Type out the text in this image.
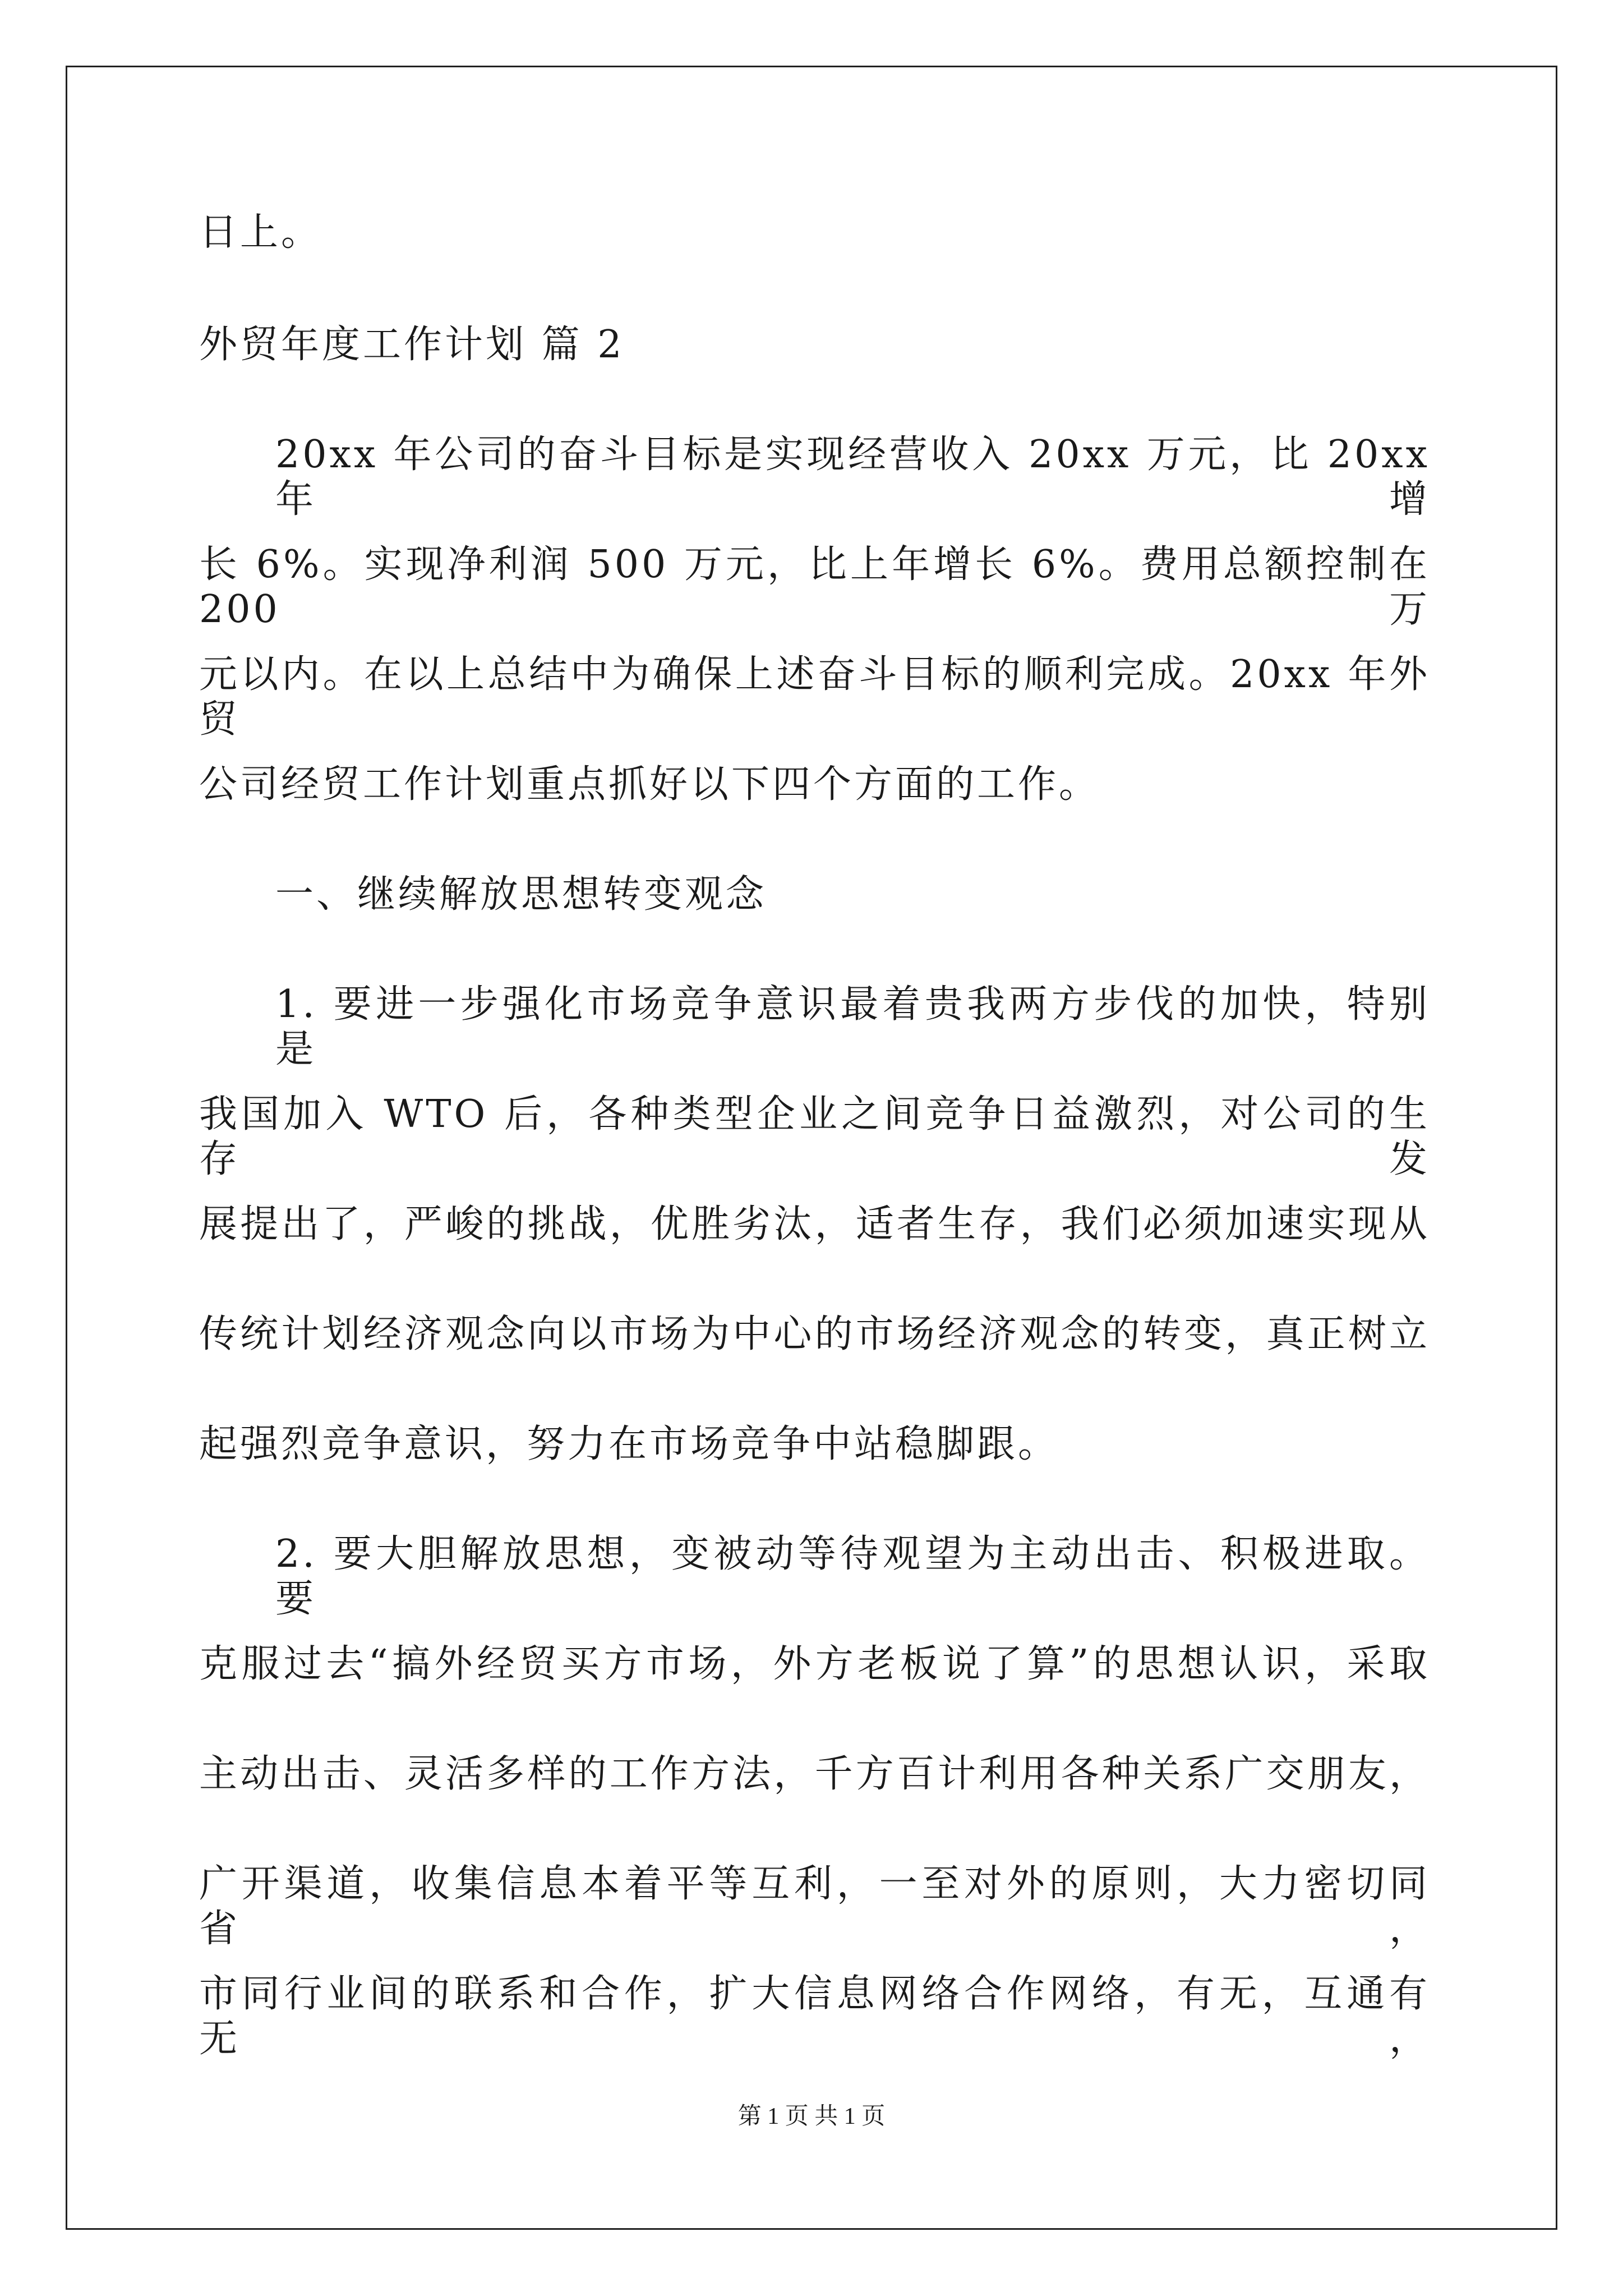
日上。
外贸年度工作计划 篇 2
20xx 年公司的奋斗目标是实现经营收入 20xx 万元，比 20xx 年增
长 6%。实现净利润 500 万元，比上年增长 6%。费用总额控制在 200 万
元以内。在以上总结中为确保上述奋斗目标的顺利完成。20xx 年外贸
公司经贸工作计划重点抓好以下四个方面的工作。
一、继续解放思想转变观念
1. 要进一步强化市场竞争意识最着贵我两方步伐的加快，特别是
我国加入 WTO 后，各种类型企业之间竞争日益激烈，对公司的生存发
展提出了，严峻的挑战，优胜劣汰，适者生存，我们必须加速实现从
传统计划经济观念向以市场为中心的市场经济观念的转变，真正树立
起强烈竞争意识，努力在市场竞争中站稳脚跟。
2. 要大胆解放思想，变被动等待观望为主动出击、积极进取。要
克服过去“搞外经贸买方市场，外方老板说了算”的思想认识，采取
主动出击、灵活多样的工作方法，千方百计利用各种关系广交朋友，
广开渠道，收集信息本着平等互利，一至对外的原则，大力密切同省，
市同行业间的联系和合作，扩大信息网络合作网络，有无，互通有无，
第 1 页 共 1 页
